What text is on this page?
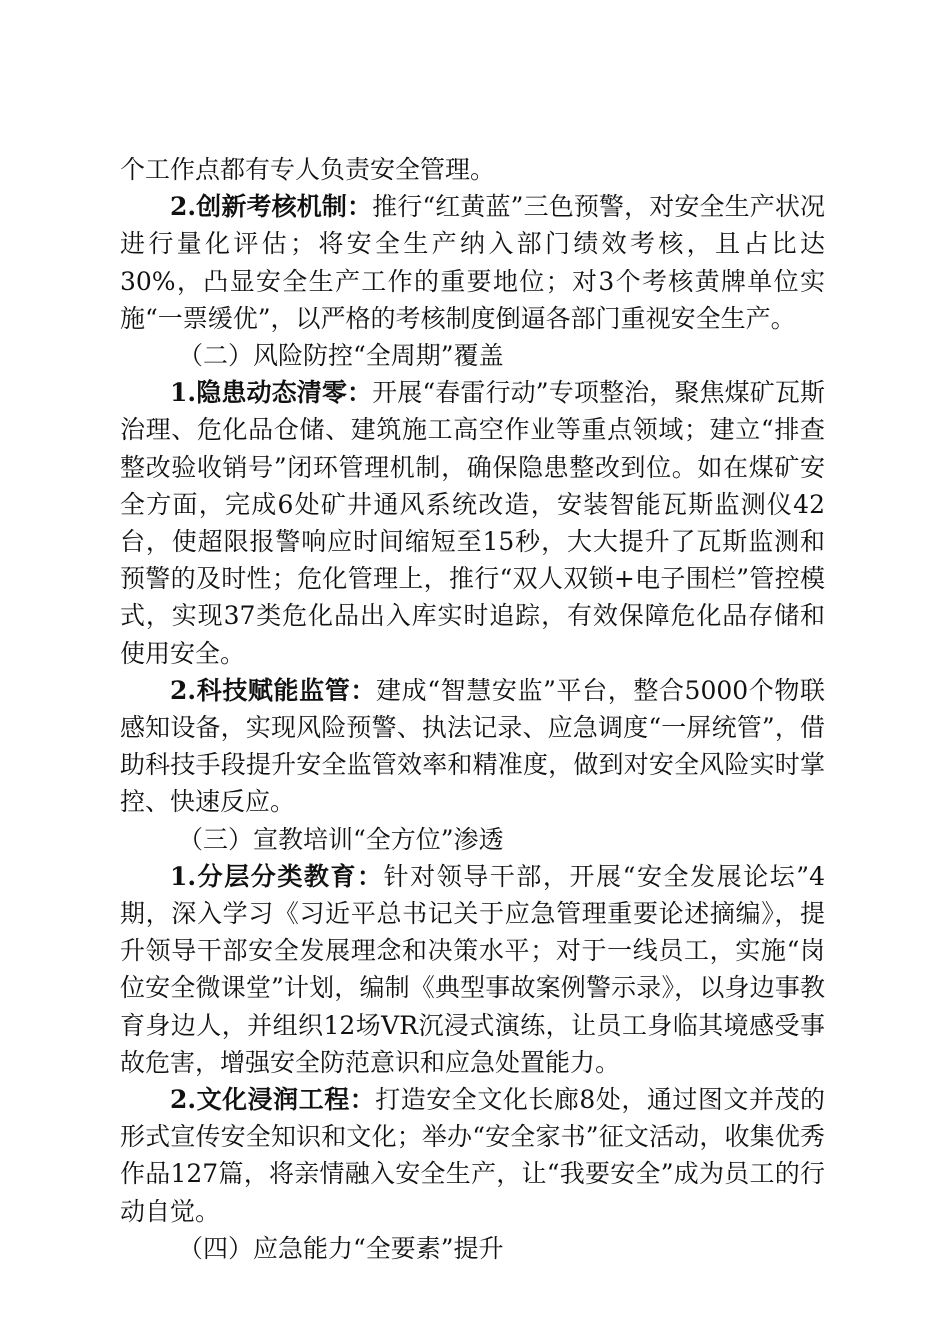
个工作点都有专人负责安全管理。

2.创新考核机制：推行“红黄蓝”三色预警，对安全生产状况进行量化评估；将安全生产纳入部门绩效考核，且占比达30%，凸显安全生产工作的重要地位；对3个考核黄牌单位实施“一票缓优”，以严格的考核制度倒逼各部门重视安全生产。

（二）风险防控“全周期”覆盖

1.隐患动态清零：开展“春雷行动”专项整治，聚焦煤矿瓦斯治理、危化品仓储、建筑施工高空作业等重点领域；建立“排查整改验收销号”闭环管理机制，确保隐患整改到位。如在煤矿安全方面，完成6处矿井通风系统改造，安装智能瓦斯监测仪42台，使超限报警响应时间缩短至15秒，大大提升了瓦斯监测和预警的及时性；危化管理上，推行“双人双锁+电子围栏”管控模式，实现37类危化品出入库实时追踪，有效保障危化品存储和使用安全。

2.科技赋能监管：建成“智慧安监”平台，整合5000个物联感知设备，实现风险预警、执法记录、应急调度“一屏统管”，借助科技手段提升安全监管效率和精准度，做到对安全风险实时掌控、快速反应。

（三）宣教培训“全方位”渗透

1.分层分类教育：针对领导干部，开展“安全发展论坛”4期，深入学习《习近平总书记关于应急管理重要论述摘编》，提升领导干部安全发展理念和决策水平；对于一线员工，实施“岗位安全微课堂”计划，编制《典型事故案例警示录》，以身边事教育身边人，并组织12场VR沉浸式演练，让员工身临其境感受事故危害，增强安全防范意识和应急处置能力。

2.文化浸润工程：打造安全文化长廊8处，通过图文并茂的形式宣传安全知识和文化；举办“安全家书”征文活动，收集优秀作品127篇，将亲情融入安全生产，让“我要安全”成为员工的行动自觉。

（四）应急能力“全要素”提升
